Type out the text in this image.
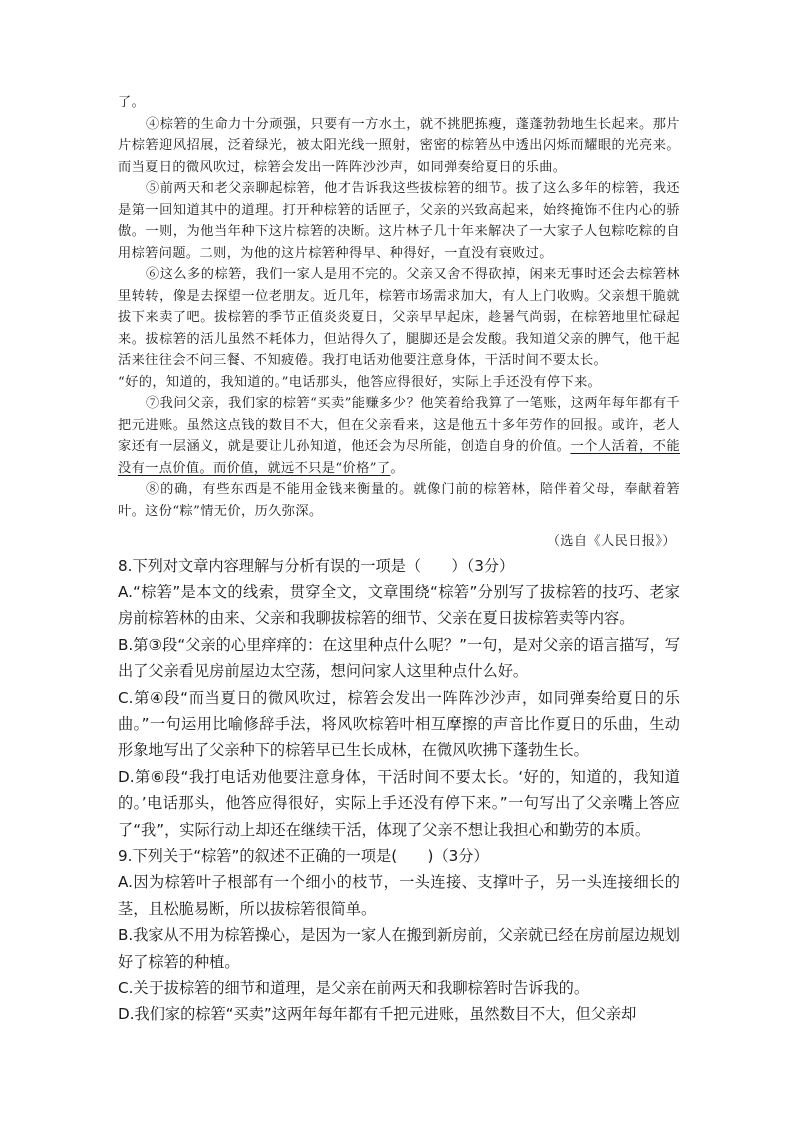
了。

④棕箬的生命力十分顽强，只要有一方水土，就不挑肥拣瘦，蓬蓬勃勃地生长起来。那片片棕箬迎风招展，泛着绿光，被太阳光线一照射，密密的棕箬丛中透出闪烁而耀眼的光亮来。而当夏日的微风吹过，棕箬会发出一阵阵沙沙声，如同弹奏给夏日的乐曲。

⑤前两天和老父亲聊起棕箬，他才告诉我这些拔棕箬的细节。拔了这么多年的棕箬，我还是第一回知道其中的道理。打开种棕箬的话匣子，父亲的兴致高起来，始终掩饰不住内心的骄傲。一则，为他当年种下这片棕箬的决断。这片林子几十年来解决了一大家子人包粽吃粽的自用棕箬问题。二则，为他的这片棕箬种得早、种得好，一直没有衰败过。

⑥这么多的棕箬，我们一家人是用不完的。父亲又舍不得砍掉，闲来无事时还会去棕箬林里转转，像是去探望一位老朋友。近几年，棕箬市场需求加大，有人上门收购。父亲想干脆就拔下来卖了吧。拔棕箬的季节正值炎炎夏日，父亲早早起床，趁暑气尚弱，在棕箬地里忙碌起来。拔棕箬的活儿虽然不耗体力，但站得久了，腿脚还是会发酸。我知道父亲的脾气，他干起活来往往会不问三餐、不知疲倦。我打电话劝他要注意身体，干活时间不要太长。

“好的，知道的，我知道的。”电话那头，他答应得很好，实际上手还没有停下来。

⑦我问父亲，我们家的棕箬“买卖”能赚多少？他笑着给我算了一笔账，这两年每年都有千把元进账。虽然这点钱的数目不大，但在父亲看来，这是他五十多年劳作的回报。或许，老人家还有一层涵义，就是要让儿孙知道，他还会为尽所能，创造自身的价值。一个人活着，不能没有一点价值。而价值，就远不只是“价格”了。

⑧的确，有些东西是不能用金钱来衡量的。就像门前的棕箬林，陪伴着父母，奉献着箬叶。这份“粽”情无价，历久弥深。

（选自《人民日报》）

8.下列对文章内容理解与分析有误的一项是（　　）（3分）

A.“棕箬”是本文的线索，贯穿全文，文章围绕“棕箬”分别写了拔棕箬的技巧、老家房前棕箬林的由来、父亲和我聊拔棕箬的细节、父亲在夏日拔棕箬卖等内容。

B.第③段“父亲的心里痒痒的：在这里种点什么呢？”一句，是对父亲的语言描写，写出了父亲看见房前屋边太空荡，想问问家人这里种点什么好。

C.第④段“而当夏日的微风吹过，棕箬会发出一阵阵沙沙声，如同弹奏给夏日的乐曲。”一句运用比喻修辞手法，将风吹棕箬叶相互摩擦的声音比作夏日的乐曲，生动形象地写出了父亲种下的棕箬早已生长成林，在微风吹拂下蓬勃生长。

D.第⑥段“我打电话劝他要注意身体，干活时间不要太长。‘好的，知道的，我知道的。’电话那头，他答应得很好，实际上手还没有停下来。”一句写出了父亲嘴上答应了“我”，实际行动上却还在继续干活，体现了父亲不想让我担心和勤劳的本质。

9.下列关于“棕箬”的叙述不正确的一项是(　　)（3分）

A.因为棕箬叶子根部有一个细小的枝节，一头连接、支撑叶子，另一头连接细长的茎，且松脆易断，所以拔棕箬很简单。

B.我家从不用为棕箬操心，是因为一家人在搬到新房前，父亲就已经在房前屋边规划好了棕箬的种植。

C.关于拔棕箬的细节和道理，是父亲在前两天和我聊棕箬时告诉我的。

D.我们家的棕箬“买卖”这两年每年都有千把元进账，虽然数目不大，但父亲却
